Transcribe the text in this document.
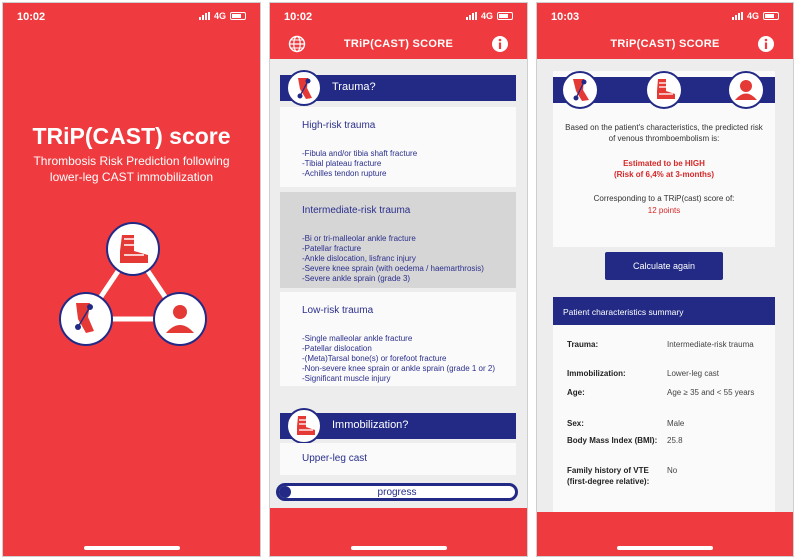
10:02	4G
TRiP(CAST) score
Thrombosis Risk Prediction following
lower-leg CAST immobilization
10:02	4G
TRiP(CAST) SCORE
Trauma?
High-risk trauma
-Fibula and/or tibia shaft fracture
-Tibial plateau fracture
-Achilles tendon rupture
Intermediate-risk trauma
-Bi or tri-malleolar ankle fracture
-Patellar fracture
-Ankle dislocation, lisfranc injury
-Severe knee sprain (with oedema / haemarthrosis)
-Severe ankle sprain (grade 3)
Low-risk trauma
-Single malleolar ankle fracture
-Patellar dislocation
-(Meta)Tarsal bone(s) or forefoot fracture
-Non-severe knee sprain or ankle sprain (grade 1 or 2)
-Significant muscle injury
Immobilization?
Upper-leg cast
progress
10:03	4G
TRiP(CAST) SCORE
Based on the patient's characteristics, the predicted risk of venous thromboembolism is:
Estimated to be HIGH
(Risk of 6,4% at 3-months)
Corresponding to a TRiP(cast) score of:
12 points
Calculate again
Patient characteristics summary
Trauma:	Intermediate-risk trauma
Immobilization:	Lower-leg cast
Age:	Age ≥ 35 and < 55 years
Sex:	Male
Body Mass Index (BMI): 25.8
Family history of VTE (first-degree relative):
No
